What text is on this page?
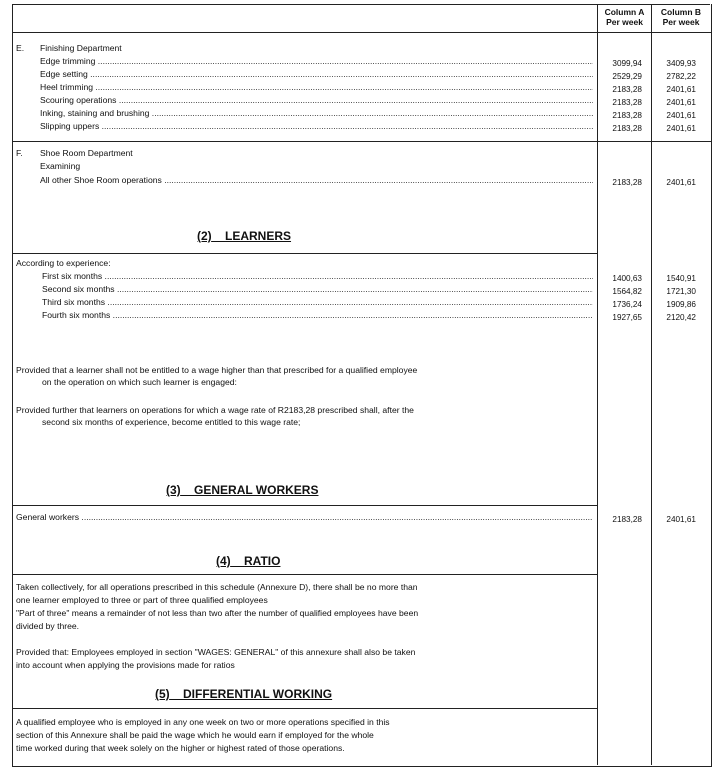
Column A
Per week
Column B
Per week
E. Finishing Department
Edge trimming .....	3099,94	3409,93
Edge setting .....	2529,29	2782,22
Heel trimming .....	2183,28	2401,61
Scouring operations .....	2183,28	2401,61
Inking, staining and brushing .....	2183,28	2401,61
Slipping uppers .....	2183,28	2401,61
F. Shoe Room Department
Examining
All other Shoe Room operations .....	2183,28	2401,61
(2) LEARNERS
According to experience:
First six months .....	1400,63	1540,91
Second six months .....	1564,82	1721,30
Third six months .....	1736,24	1909,86
Fourth six months .....	1927,65	2120,42
Provided that a learner shall not be entitled to a wage higher than that prescribed for a qualified employee
on the operation on which such learner is engaged:
Provided further that learners on operations for which a wage rate of R2183,28 prescribed shall, after the
second six months of experience, become entitled to this wage rate;
(3) GENERAL WORKERS
General workers .....	2183,28	2401,61
(4) RATIO
Taken collectively, for all operations prescribed in this schedule (Annexure D), there shall be no more than
one learner employed to three or part of three qualified employees
"Part of three" means a remainder of not less than two after the number of qualified employees have been
divided by three.
Provided that: Employees employed in section "WAGES: GENERAL" of this annexure shall also be taken
into account when applying the provisions made for ratios
(5) DIFFERENTIAL WORKING
A qualified employee who is employed in any one week on two or more operations specified in this
section of this Annexure shall be paid the wage which he would earn if employed for the whole
time worked during that week solely on the higher or highest rated of those operations.
